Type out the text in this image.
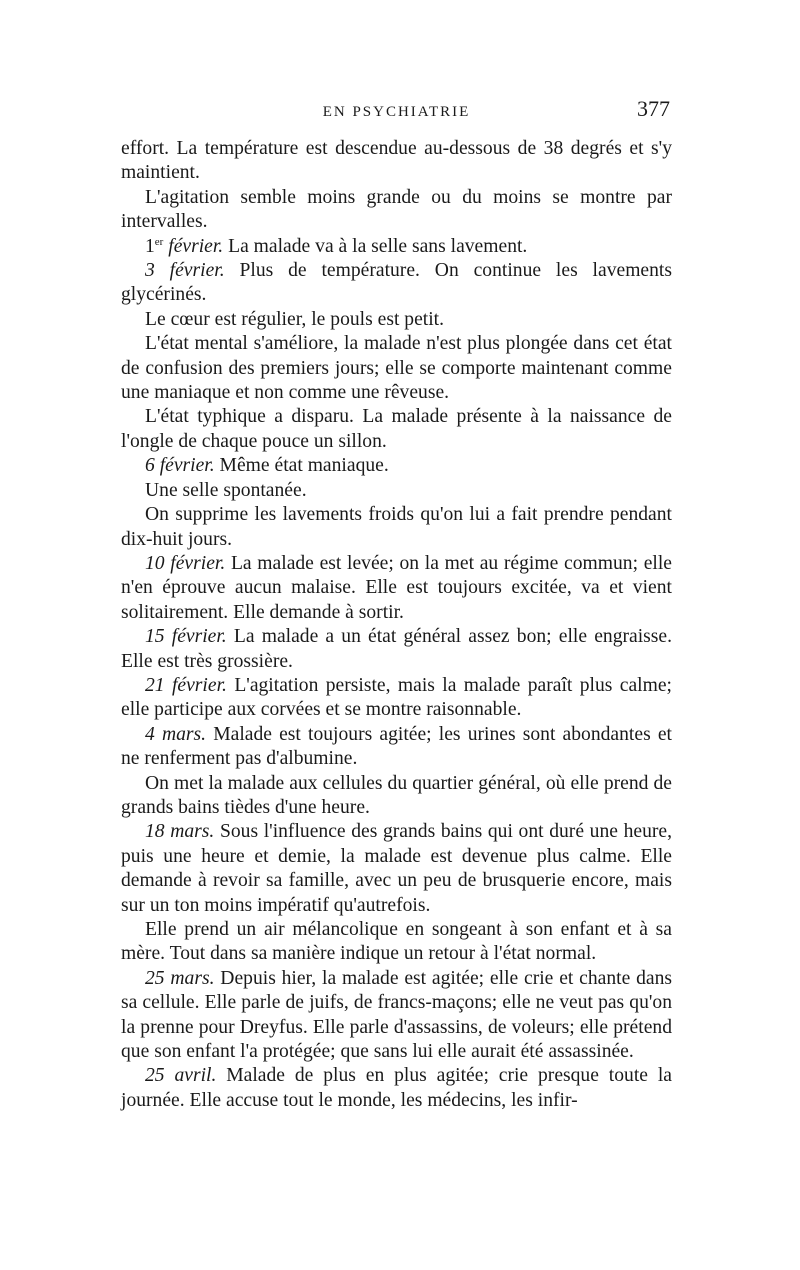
EN PSYCHIATRIE	377

effort. La température est descendue au-dessous de 38 degrés et s'y maintient.

L'agitation semble moins grande ou du moins se montre par intervalles.

1er février. La malade va à la selle sans lavement.

3 février. Plus de température. On continue les lavements glycérinés.

Le cœur est régulier, le pouls est petit.

L'état mental s'améliore, la malade n'est plus plongée dans cet état de confusion des premiers jours; elle se comporte maintenant comme une maniaque et non comme une rêveuse.

L'état typhique a disparu. La malade présente à la naissance de l'ongle de chaque pouce un sillon.

6 février. Même état maniaque.

Une selle spontanée.

On supprime les lavements froids qu'on lui a fait prendre pendant dix-huit jours.

10 février. La malade est levée; on la met au régime commun; elle n'en éprouve aucun malaise. Elle est toujours excitée, va et vient solitairement. Elle demande à sortir.

15 février. La malade a un état général assez bon; elle engraisse. Elle est très grossière.

21 février. L'agitation persiste, mais la malade paraît plus calme; elle participe aux corvées et se montre raisonnable.

4 mars. Malade est toujours agitée; les urines sont abondantes et ne renferment pas d'albumine.

On met la malade aux cellules du quartier général, où elle prend de grands bains tièdes d'une heure.

18 mars. Sous l'influence des grands bains qui ont duré une heure, puis une heure et demie, la malade est devenue plus calme. Elle demande à revoir sa famille, avec un peu de brusquerie encore, mais sur un ton moins impératif qu'autrefois.

Elle prend un air mélancolique en songeant à son enfant et à sa mère. Tout dans sa manière indique un retour à l'état normal.

25 mars. Depuis hier, la malade est agitée; elle crie et chante dans sa cellule. Elle parle de juifs, de francs-maçons; elle ne veut pas qu'on la prenne pour Dreyfus. Elle parle d'assassins, de voleurs; elle prétend que son enfant l'a protégée; que sans lui elle aurait été assassinée.

25 avril. Malade de plus en plus agitée; crie presque toute la journée. Elle accuse tout le monde, les médecins, les infir-
